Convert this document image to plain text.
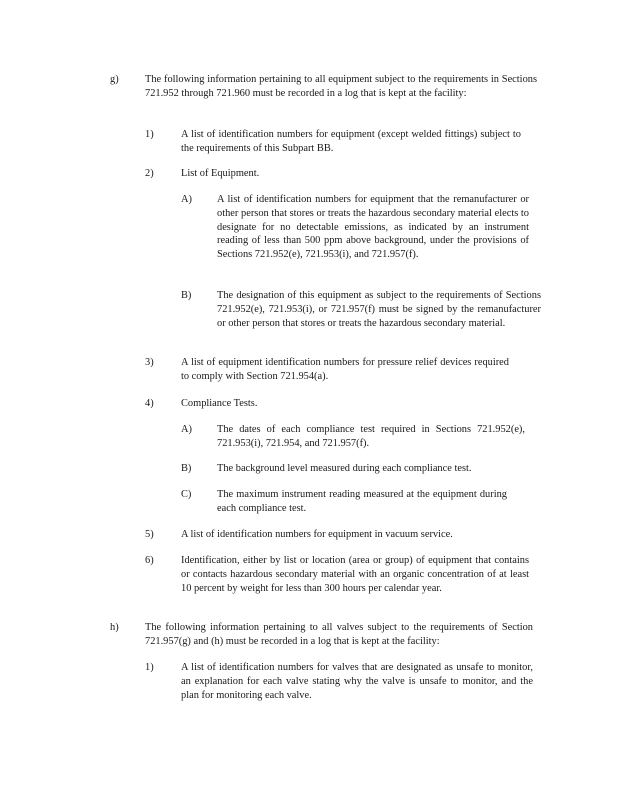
g)	The following information pertaining to all equipment subject to the requirements in Sections 721.952 through 721.960 must be recorded in a log that is kept at the facility:
1)	A list of identification numbers for equipment (except welded fittings) subject to the requirements of this Subpart BB.
2)	List of Equipment.
A) A list of identification numbers for equipment that the remanufacturer or other person that stores or treats the hazardous secondary material elects to designate for no detectable emissions, as indicated by an instrument reading of less than 500 ppm above background, under the provisions of Sections 721.952(e), 721.953(i), and 721.957(f).
B) The designation of this equipment as subject to the requirements of Sections 721.952(e), 721.953(i), or 721.957(f) must be signed by the remanufacturer or other person that stores or treats the hazardous secondary material.
3)	A list of equipment identification numbers for pressure relief devices required to comply with Section 721.954(a).
4)	Compliance Tests.
A) The dates of each compliance test required in Sections 721.952(e), 721.953(i), 721.954, and 721.957(f).
B) The background level measured during each compliance test.
C) The maximum instrument reading measured at the equipment during each compliance test.
5)	A list of identification numbers for equipment in vacuum service.
6)	Identification, either by list or location (area or group) of equipment that contains or contacts hazardous secondary material with an organic concentration of at least 10 percent by weight for less than 300 hours per calendar year.
h)	The following information pertaining to all valves subject to the requirements of Section 721.957(g) and (h) must be recorded in a log that is kept at the facility:
1)	A list of identification numbers for valves that are designated as unsafe to monitor, an explanation for each valve stating why the valve is unsafe to monitor, and the plan for monitoring each valve.
